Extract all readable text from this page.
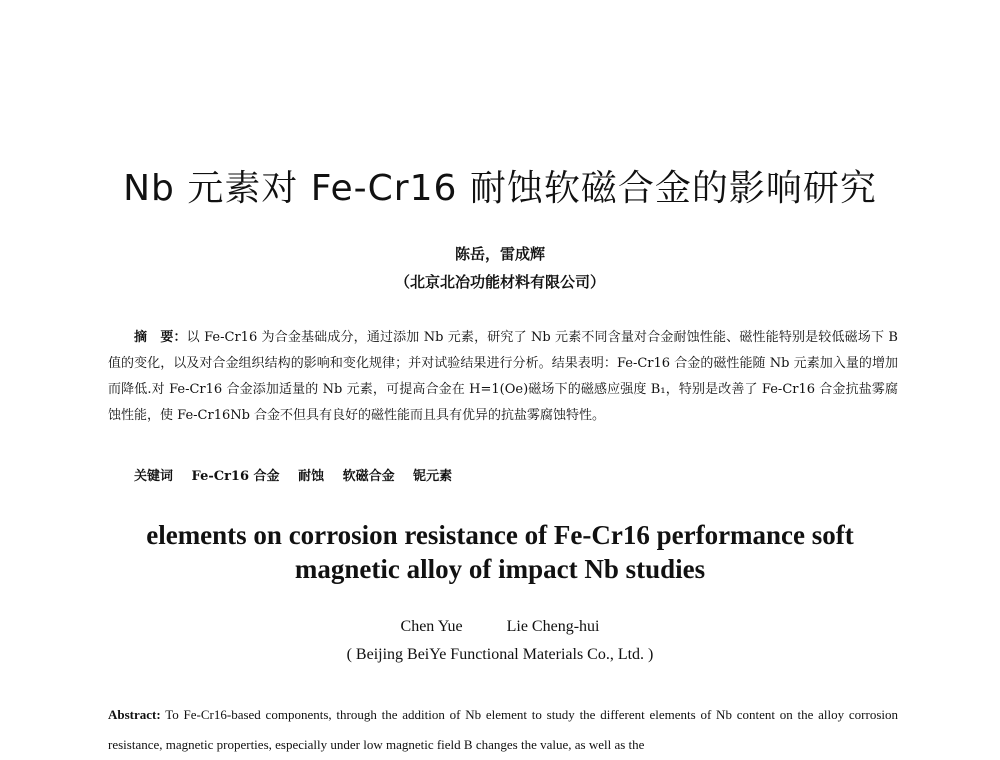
Nb 元素对 Fe-Cr16 耐蚀软磁合金的影响研究
陈岳，雷成辉
（北京北冶功能材料有限公司）
摘　要：以 Fe-Cr16 为合金基础成分，通过添加 Nb 元素，研究了 Nb 元素不同含量对合金耐蚀性能、磁性能特别是较低磁场下 B 值的变化，以及对合金组织结构的影响和变化规律；并对试验结果进行分析。结果表明：Fe-Cr16 合金的磁性能随 Nb 元素加入量的增加而降低.对 Fe-Cr16 合金添加适量的 Nb 元素，可提高合金在 H=1(Oe)磁场下的磁感应强度 B₁，特别是改善了 Fe-Cr16 合金抗盐雾腐蚀性能，使 Fe-Cr16Nb 合金不但具有良好的磁性能而且具有优异的抗盐雾腐蚀特性。
关键词 Fe-Cr16 合金 耐蚀 软磁合金 铌元素
elements on corrosion resistance of Fe-Cr16 performance soft
magnetic alloy of impact Nb studies
Chen Yue	Lie Cheng-hui
( Beijing BeiYe Functional Materials Co., Ltd. )
Abstract: To Fe-Cr16-based components, through the addition of Nb element to study the different elements of Nb content on the alloy corrosion resistance, magnetic properties, especially under low magnetic field B changes the value, as well as the
